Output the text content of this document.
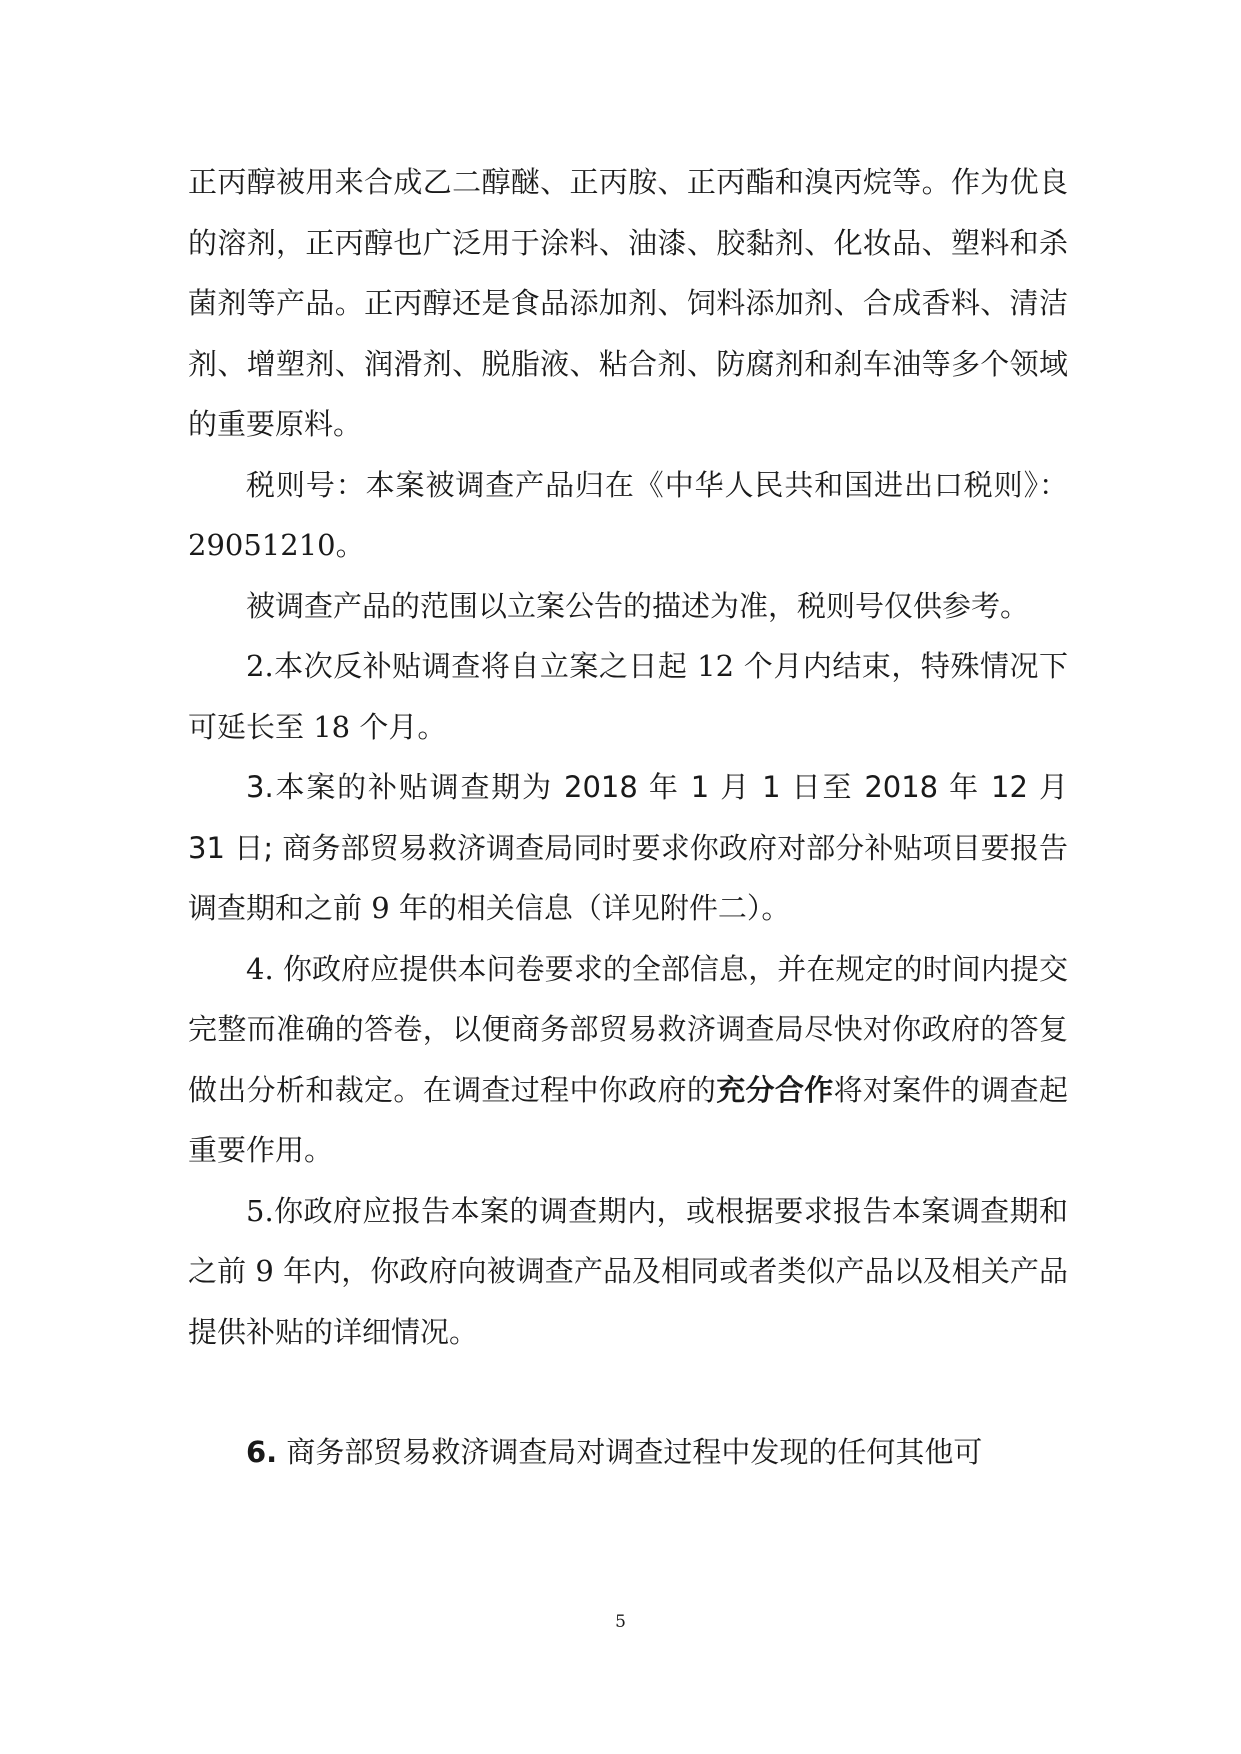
正丙醇被用来合成乙二醇醚、正丙胺、正丙酯和溴丙烷等。作为优良的溶剂，正丙醇也广泛用于涂料、油漆、胶黏剂、化妆品、塑料和杀菌剂等产品。正丙醇还是食品添加剂、饲料添加剂、合成香料、清洁剂、增塑剂、润滑剂、脱脂液、粘合剂、防腐剂和刹车油等多个领域的重要原料。

税则号：本案被调查产品归在《中华人民共和国进出口税则》：29051210。

被调查产品的范围以立案公告的描述为准，税则号仅供参考。

2.本次反补贴调查将自立案之日起 12 个月内结束，特殊情况下可延长至 18 个月。

3.本案的补贴调查期为 2018 年 1 月 1 日至 2018 年 12 月 31 日; 商务部贸易救济调查局同时要求你政府对部分补贴项目要报告调查期和之前 9 年的相关信息（详见附件二）。

4. 你政府应提供本问卷要求的全部信息，并在规定的时间内提交完整而准确的答卷，以便商务部贸易救济调查局尽快对你政府的答复做出分析和裁定。在调查过程中你政府的充分合作将对案件的调查起重要作用。

5.你政府应报告本案的调查期内，或根据要求报告本案调查期和之前 9 年内，你政府向被调查产品及相同或者类似产品以及相关产品提供补贴的详细情况。

6. 商务部贸易救济调查局对调查过程中发现的任何其他可

5
